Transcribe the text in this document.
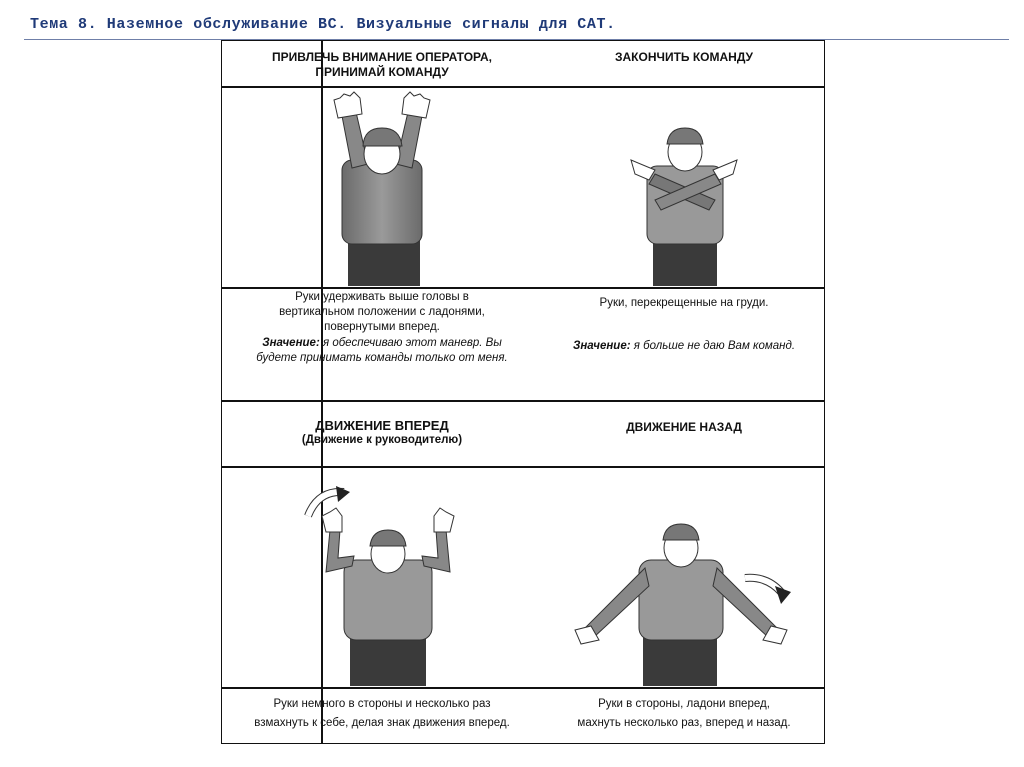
Тема 8. Наземное обслуживание ВС. Визуальные сигналы для САТ.
ПРИВЛЕЧЬ ВНИМАНИЕ ОПЕРАТОРА,
ПРИНИМАЙ КОМАНДУ
ЗАКОНЧИТЬ КОМАНДУ
Руки удерживать выше головы в
вертикальном положении с ладонями,
повернутыми вперед.
Значение: я обеспечиваю этот маневр. Вы
будете принимать команды только от меня.
Руки, перекрещенные на груди.
Значение: я больше не даю Вам команд.
ДВИЖЕНИЕ ВПЕРЕД
(Движение к руководителю)
ДВИЖЕНИЕ НАЗАД
Руки немного в стороны и несколько раз
взмахнуть к себе, делая знак движения вперед.
Руки в стороны, ладони вперед,
махнуть несколько раз, вперед и назад.
